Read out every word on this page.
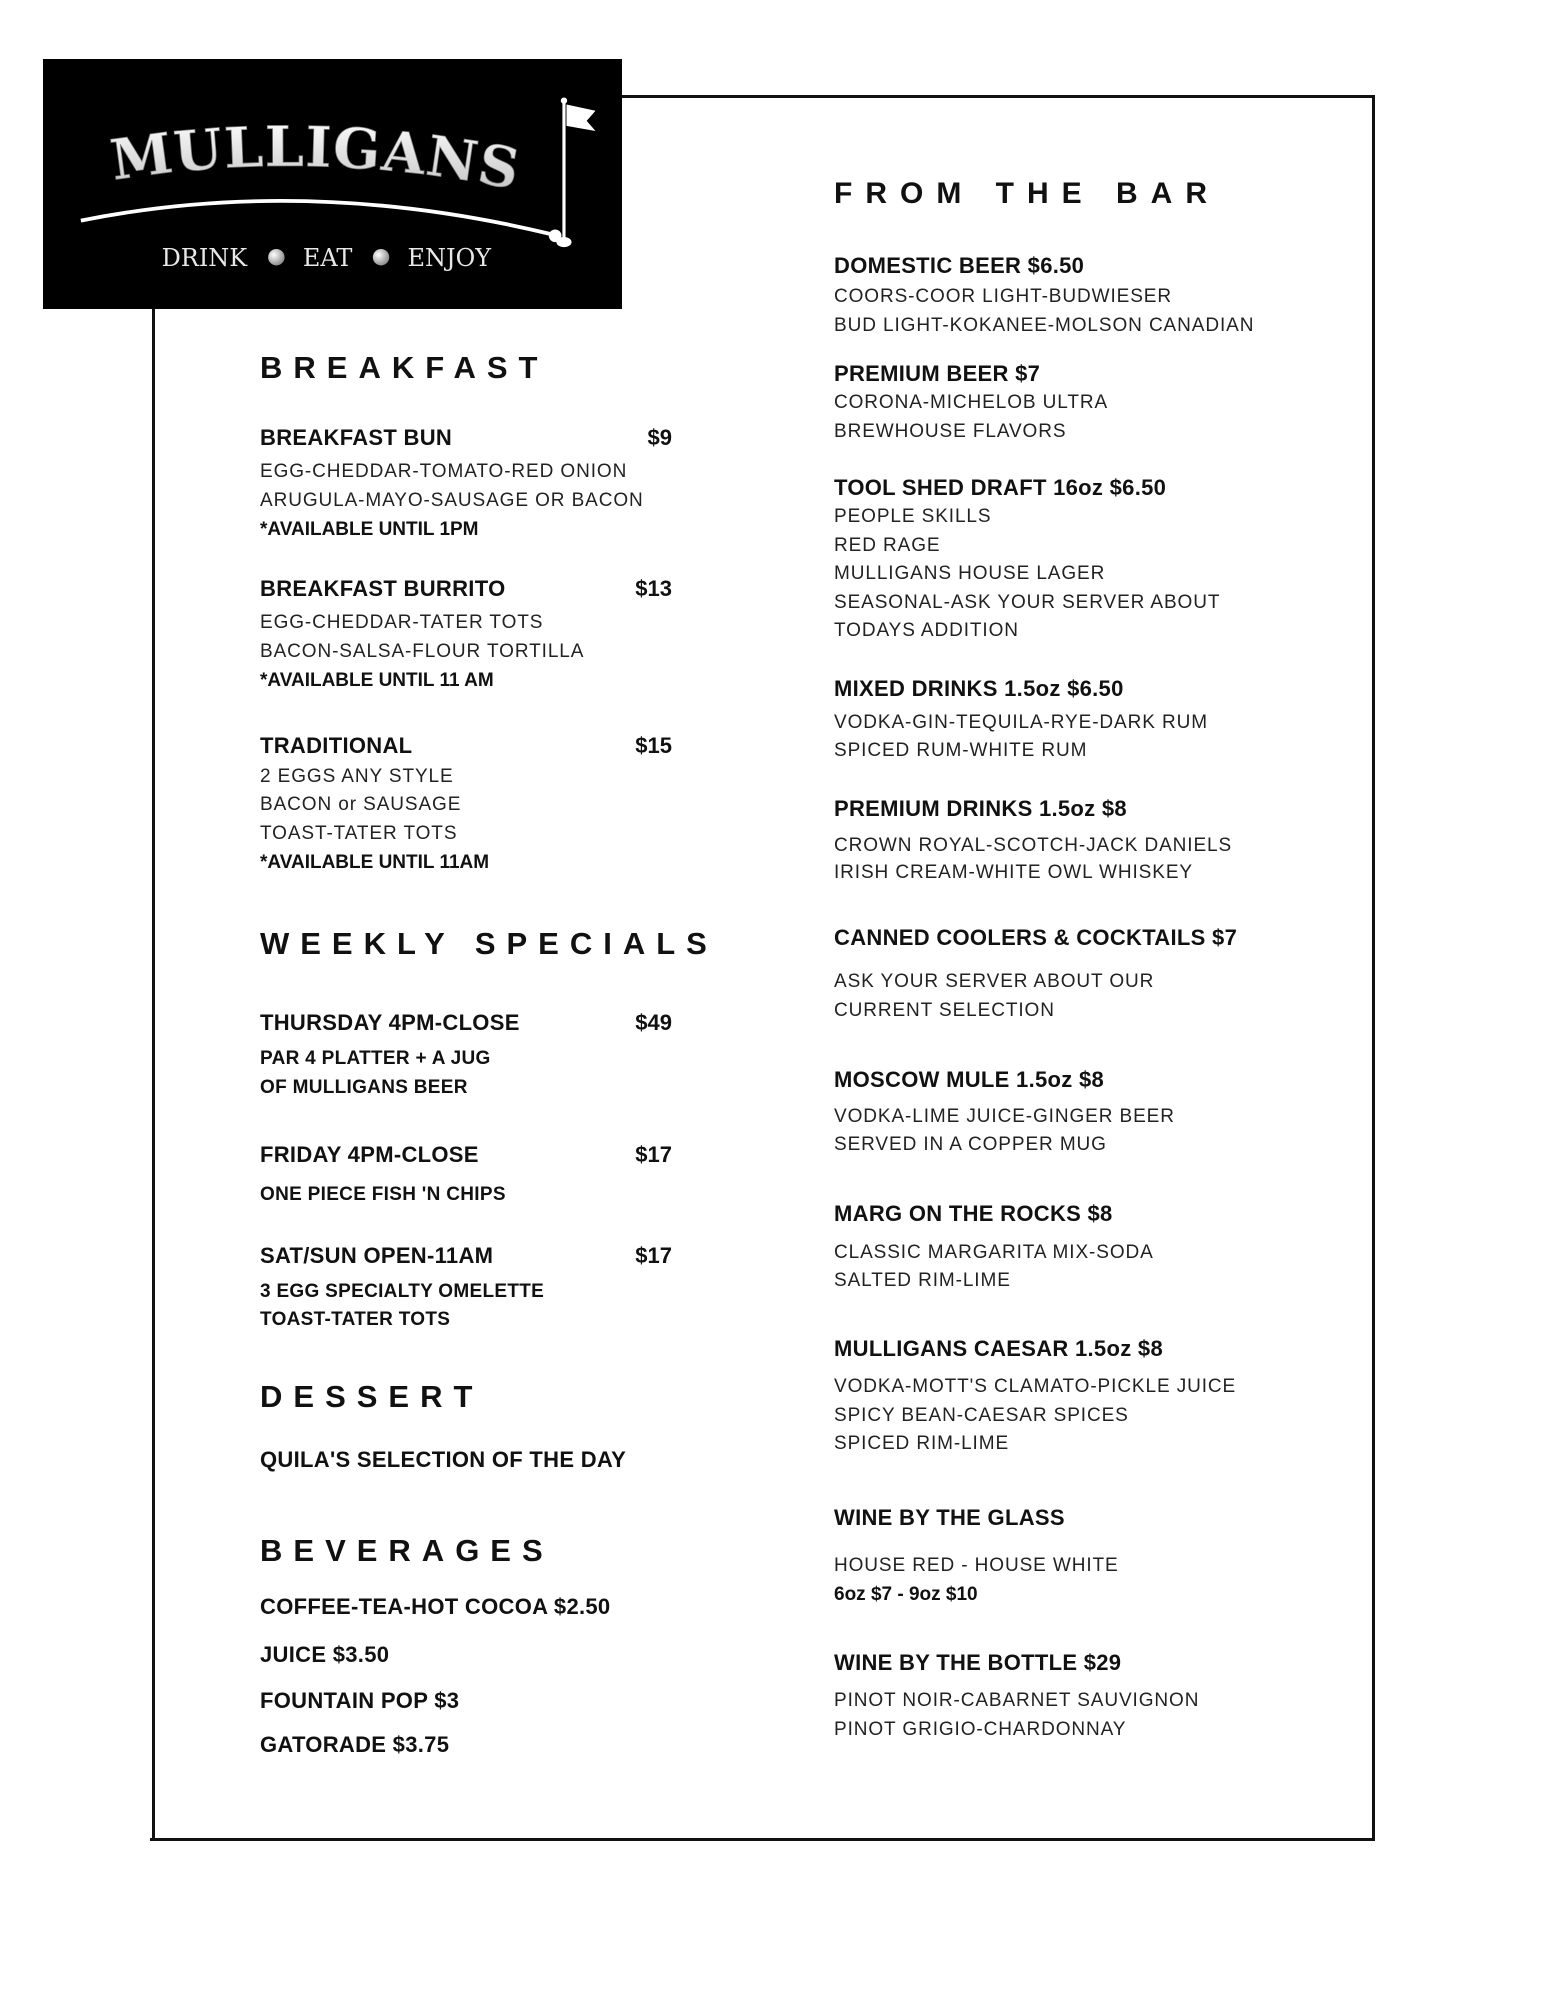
MULLIGANS
DRINK	EAT	ENJOY
BREAKFAST
BREAKFAST BUN	$9
EGG-CHEDDAR-TOMATO-RED ONION
ARUGULA-MAYO-SAUSAGE OR BACON
*AVAILABLE UNTIL 1PM
BREAKFAST BURRITO	$13
EGG-CHEDDAR-TATER TOTS
BACON-SALSA-FLOUR TORTILLA
*AVAILABLE UNTIL 11 AM
TRADITIONAL	$15
2 EGGS ANY STYLE
BACON or SAUSAGE
TOAST-TATER TOTS
*AVAILABLE UNTIL 11AM
WEEKLY SPECIALS
THURSDAY 4PM-CLOSE	$49
PAR 4 PLATTER + A JUG
OF MULLIGANS BEER
FRIDAY 4PM-CLOSE	$17
ONE PIECE FISH 'N CHIPS
SAT/SUN OPEN-11AM	$17
3 EGG SPECIALTY OMELETTE
TOAST-TATER TOTS
DESSERT
QUILA'S SELECTION OF THE DAY
BEVERAGES
COFFEE-TEA-HOT COCOA $2.50
JUICE $3.50
FOUNTAIN POP $3
GATORADE $3.75
FROM THE BAR
DOMESTIC BEER $6.50
COORS-COOR LIGHT-BUDWIESER
BUD LIGHT-KOKANEE-MOLSON CANADIAN
PREMIUM BEER $7
CORONA-MICHELOB ULTRA
BREWHOUSE FLAVORS
TOOL SHED DRAFT 16oz $6.50
PEOPLE SKILLS
RED RAGE
MULLIGANS HOUSE LAGER
SEASONAL-ASK YOUR SERVER ABOUT
TODAYS ADDITION
MIXED DRINKS 1.5oz $6.50
VODKA-GIN-TEQUILA-RYE-DARK RUM
SPICED RUM-WHITE RUM
PREMIUM DRINKS 1.5oz $8
CROWN ROYAL-SCOTCH-JACK DANIELS
IRISH CREAM-WHITE OWL WHISKEY
CANNED COOLERS & COCKTAILS $7
ASK YOUR SERVER ABOUT OUR
CURRENT SELECTION
MOSCOW MULE 1.5oz $8
VODKA-LIME JUICE-GINGER BEER
SERVED IN A COPPER MUG
MARG ON THE ROCKS $8
CLASSIC MARGARITA MIX-SODA
SALTED RIM-LIME
MULLIGANS CAESAR 1.5oz $8
VODKA-MOTT'S CLAMATO-PICKLE JUICE
SPICY BEAN-CAESAR SPICES
SPICED RIM-LIME
WINE BY THE GLASS
HOUSE RED - HOUSE WHITE
6oz $7 - 9oz $10
WINE BY THE BOTTLE $29
PINOT NOIR-CABARNET SAUVIGNON
PINOT GRIGIO-CHARDONNAY
